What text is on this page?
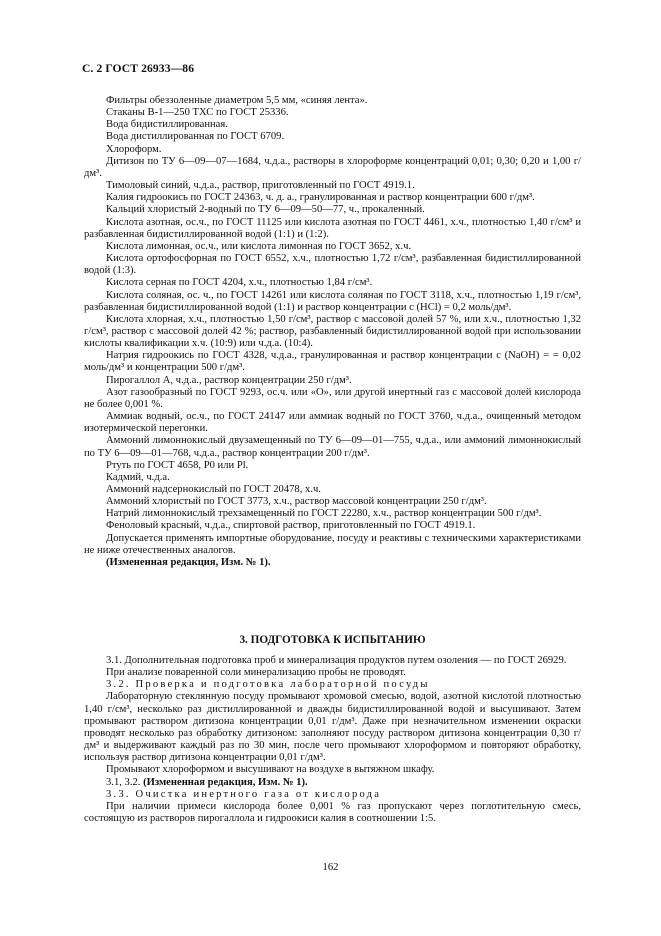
С. 2 ГОСТ 26933—86

Фильтры обеззоленные диаметром 5,5 мм, «синяя лента».

Стаканы В-1—250 ТХС по ГОСТ 25336.

Вода бидистиллированная.

Вода дистиллированная по ГОСТ 6709.

Хлороформ.

Дитизон по ТУ 6—09—07—1684, ч.д.а., растворы в хлороформе концентраций 0,01; 0,30; 0,20 и 1,00 г/дм³.

Тимоловый синий, ч.д.а., раствор, приготовленный по ГОСТ 4919.1.

Калия гидроокись по ГОСТ 24363, ч. д. а., гранулированная и раствор концентрации 600 г/дм³.

Кальций хлористый 2-водный по ТУ 6—09—50—77, ч., прокаленный.

Кислота азотная, ос.ч., по ГОСТ 11125 или кислота азотная по ГОСТ 4461, х.ч., плотностью 1,40 г/см³ и разбавленная бидистиллированной водой (1:1) и (1:2).

Кислота лимонная, ос.ч., или кислота лимонная по ГОСТ 3652, х.ч.

Кислота ортофосфорная по ГОСТ 6552, х.ч., плотностью 1,72 г/см³, разбавленная бидистиллированной водой (1:3).

Кислота серная по ГОСТ 4204, х.ч., плотностью 1,84 г/см³.

Кислота соляная, ос. ч., по ГОСТ 14261 или кислота соляная по ГОСТ 3118, х.ч., плотностью 1,19 г/см³, разбавленная бидистиллированной водой (1:1) и раствор концентрации c (HCl) = 0,2 моль/дм³.

Кислота хлорная, х.ч., плотностью 1,50 г/см³, раствор с массовой долей 57 %, или х.ч., плотностью 1,32 г/см³, раствор с массовой долей 42 %; раствор, разбавленный бидистиллированной водой при использовании кислоты квалификации х.ч. (10:9) или ч.д.а. (10:4).

Натрия гидроокись по ГОСТ 4328, ч.д.а., гранулированная и раствор концентрации c (NaOH) = = 0,02 моль/дм³ и концентрации 500 г/дм³.

Пирогаллол А, ч.д.а., раствор концентрации 250 г/дм³.

Азот газообразный по ГОСТ 9293, ос.ч. или «О», или другой инертный газ с массовой долей кислорода не более 0,001 %.

Аммиак водный, ос.ч., по ГОСТ 24147 или аммиак водный по ГОСТ 3760, ч.д.а., очищенный методом изотермической перегонки.

Аммоний лимоннокислый двузамещенный по ТУ 6—09—01—755, ч.д.а., или аммоний лимоннокислый по ТУ 6—09—01—768, ч.д.а., раствор концентрации 200 г/дм³.

Ртуть по ГОСТ 4658, Р0 или Pl.

Кадмий, ч.д.а.

Аммоний надсернокислый по ГОСТ 20478, х.ч.

Аммоний хлористый по ГОСТ 3773, х.ч., раствор массовой концентрации 250 г/дм³.

Натрий лимоннокислый трехзамещенный по ГОСТ 22280, х.ч., раствор концентрации 500 г/дм³.

Феноловый красный, ч.д.а., спиртовой раствор, приготовленный по ГОСТ 4919.1.

Допускается применять импортные оборудование, посуду и реактивы с техническими характеристиками не ниже отечественных аналогов.

(Измененная редакция, Изм. № 1).

3. ПОДГОТОВКА К ИСПЫТАНИЮ

3.1. Дополнительная подготовка проб и минерализация продуктов путем озоления — по ГОСТ 26929.

При анализе поваренной соли минерализацию пробы не проводят.

3.2. Проверка и подготовка лабораторной посуды

Лабораторную стеклянную посуду промывают хромовой смесью, водой, азотной кислотой плотностью 1,40 г/см³, несколько раз дистиллированной и дважды бидистиллированной водой и высушивают. Затем промывают раствором дитизона концентрации 0,01 г/дм³. Даже при незначительном изменении окраски проводят несколько раз обработку дитизоном: заполняют посуду раствором дитизона концентрации 0,30 г/дм³ и выдерживают каждый раз по 30 мин, после чего промывают хлороформом и повторяют обработку, используя раствор дитизона концентрации 0,01 г/дм³.

Промывают хлороформом и высушивают на воздухе в вытяжном шкафу.

3.1, 3.2. (Измененная редакция, Изм. № 1).

3.3. Очистка инертного газа от кислорода

При наличии примеси кислорода более 0,001 % газ пропускают через поглотительную смесь, состоящую из растворов пирогаллола и гидроокиси калия в соотношении 1:5.

162
